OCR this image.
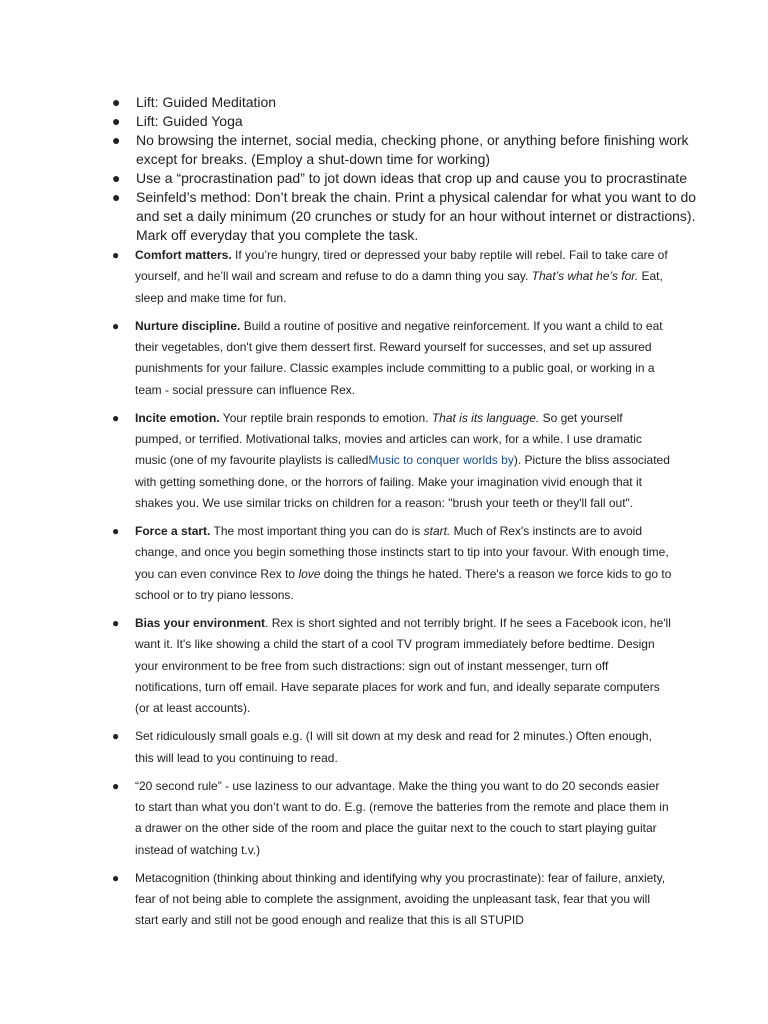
● Lift: Guided Meditation
● Lift: Guided Yoga
● No browsing the internet, social media, checking phone, or anything before finishing work except for breaks. (Employ a shut-down time for working)
● Use a “procrastination pad” to jot down ideas that crop up and cause you to procrastinate
● Seinfeld’s method: Don’t break the chain. Print a physical calendar for what you want to do and set a daily minimum (20 crunches or study for an hour without internet or distractions). Mark off everyday that you complete the task.
● Comfort matters. If you’re hungry, tired or depressed your baby reptile will rebel. Fail to take care of yourself, and he’ll wail and scream and refuse to do a damn thing you say. That’s what he’s for. Eat, sleep and make time for fun.
● Nurture discipline. Build a routine of positive and negative reinforcement. If you want a child to eat their vegetables, don't give them dessert first. Reward yourself for successes, and set up assured punishments for your failure. Classic examples include committing to a public goal, or working in a team - social pressure can influence Rex.
● Incite emotion. Your reptile brain responds to emotion. That is its language. So get yourself pumped, or terrified. Motivational talks, movies and articles can work, for a while. I use dramatic music (one of my favourite playlists is calledMusic to conquer worlds by). Picture the bliss associated with getting something done, or the horrors of failing. Make your imagination vivid enough that it shakes you. We use similar tricks on children for a reason: "brush your teeth or they'll fall out".
● Force a start. The most important thing you can do is start. Much of Rex's instincts are to avoid change, and once you begin something those instincts start to tip into your favour. With enough time, you can even convince Rex to love doing the things he hated. There's a reason we force kids to go to school or to try piano lessons.
● Bias your environment. Rex is short sighted and not terribly bright. If he sees a Facebook icon, he'll want it. It's like showing a child the start of a cool TV program immediately before bedtime. Design your environment to be free from such distractions: sign out of instant messenger, turn off notifications, turn off email. Have separate places for work and fun, and ideally separate computers (or at least accounts).
● Set ridiculously small goals e.g. (I will sit down at my desk and read for 2 minutes.) Often enough, this will lead to you continuing to read.
● “20 second rule” - use laziness to our advantage. Make the thing you want to do 20 seconds easier to start than what you don’t want to do. E.g. (remove the batteries from the remote and place them in a drawer on the other side of the room and place the guitar next to the couch to start playing guitar instead of watching t.v.)
● Metacognition (thinking about thinking and identifying why you procrastinate): fear of failure, anxiety, fear of not being able to complete the assignment, avoiding the unpleasant task, fear that you will start early and still not be good enough and realize that this is all STUPID
